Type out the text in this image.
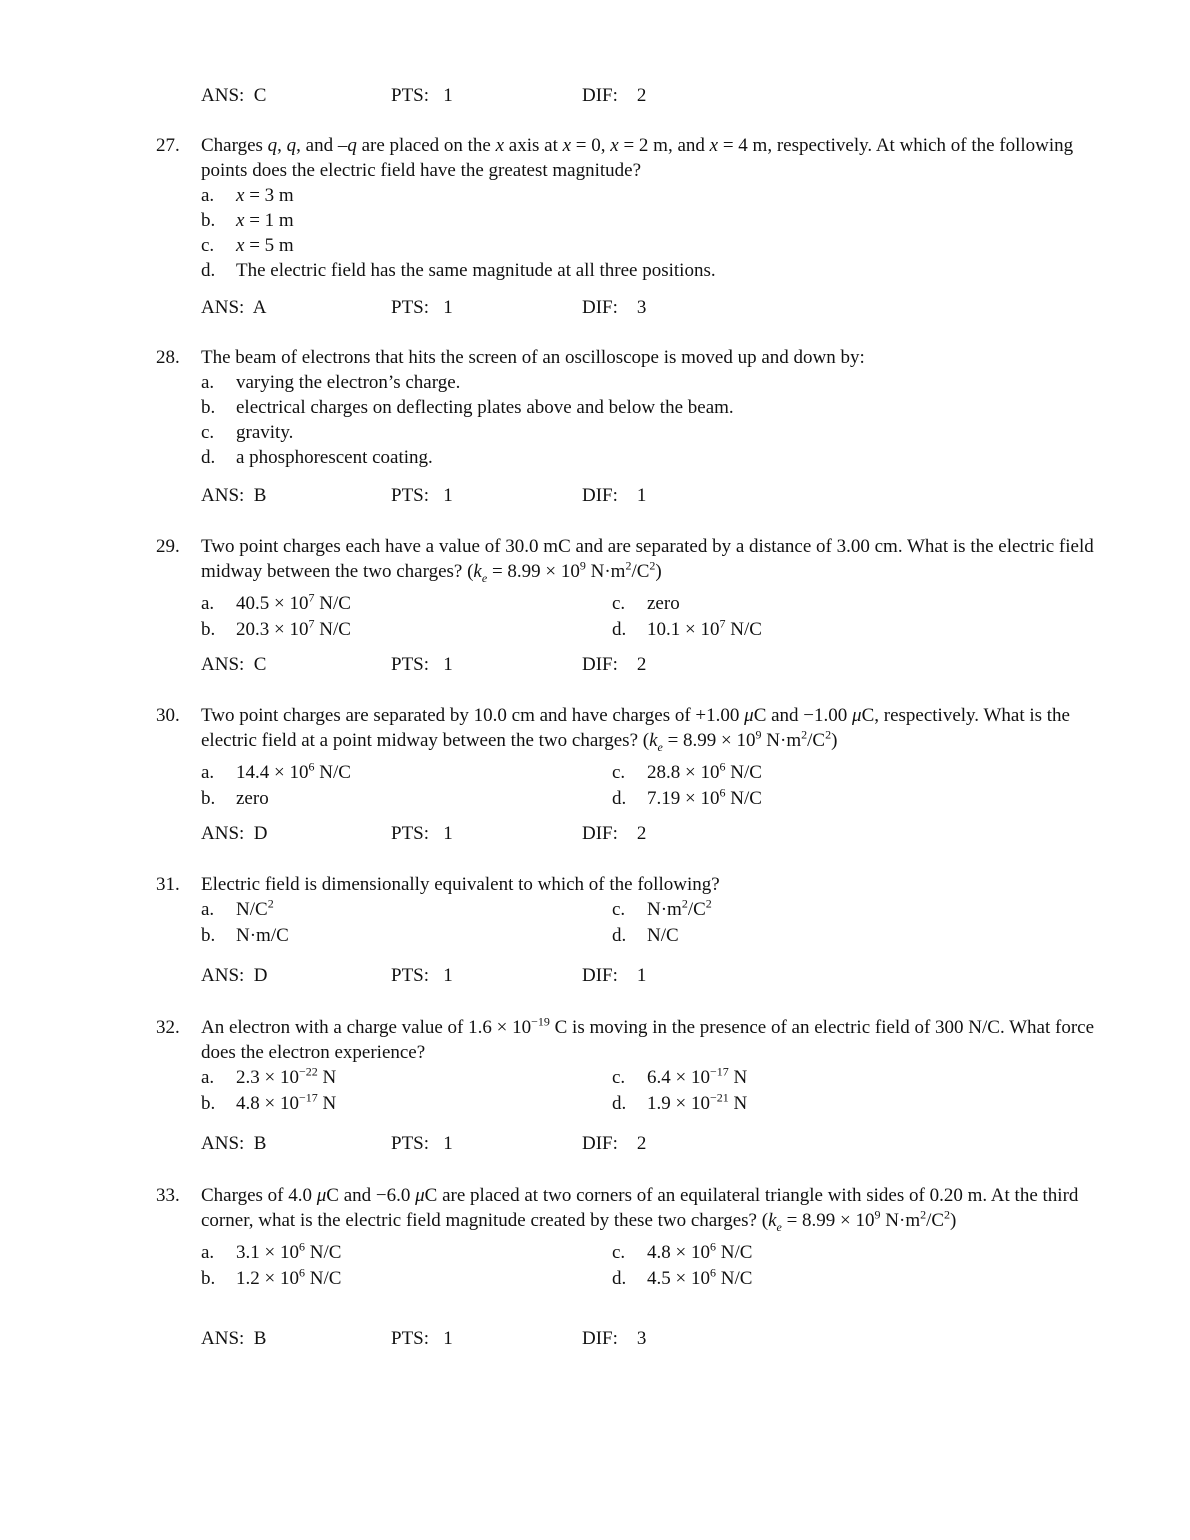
ANS:  C	PTS:   1	DIF:    2
27. Charges q, q, and –q are placed on the x axis at x = 0, x = 2 m, and x = 4 m, respectively. At which of the following points does the electric field have the greatest magnitude?
a. x = 3 m
b. x = 1 m
c. x = 5 m
d. The electric field has the same magnitude at all three positions.
ANS:  A	PTS:   1	DIF:    3
28. The beam of electrons that hits the screen of an oscilloscope is moved up and down by:
a. varying the electron’s charge.
b. electrical charges on deflecting plates above and below the beam.
c. gravity.
d. a phosphorescent coating.
ANS:  B	PTS:   1	DIF:    1
29. Two point charges each have a value of 30.0 mC and are separated by a distance of 3.00 cm. What is the electric field midway between the two charges? ($k_e = 8.99 \times 10^9$ $N\cdot m^2/C^2$)
a. $40.5 \times 10^7$ N/C	c. zero
b. $20.3 \times 10^7$ N/C	d. $10.1 \times 10^7$ N/C
ANS:  C	PTS:   1	DIF:    2
30. Two point charges are separated by 10.0 cm and have charges of +1.00 μC and −1.00 μC, respectively. What is the electric field at a point midway between the two charges? ($k_e = 8.99 \times 10^9$ $N\cdot m^2/C^2$)
a. $14.4 \times 10^6$ N/C	c. $28.8 \times 10^6$ N/C
b. zero	d. $7.19 \times 10^6$ N/C
ANS:  D	PTS:   1	DIF:    2
31. Electric field is dimensionally equivalent to which of the following?
a. $N/C^2$	c. $N\cdot m^2/C^2$
b. N·m/C	d. N/C
ANS:  D	PTS:   1	DIF:    1
32. An electron with a charge value of $1.6 \times 10^{-19}$ C is moving in the presence of an electric field of 300 N/C. What force does the electron experience?
a. $2.3 \times 10^{-22}$ N	c. $6.4 \times 10^{-17}$ N
b. $4.8 \times 10^{-17}$ N	d. $1.9 \times 10^{-21}$ N
ANS:  B	PTS:   1	DIF:    2
33. Charges of 4.0 μC and −6.0 μC are placed at two corners of an equilateral triangle with sides of 0.20 m. At the third corner, what is the electric field magnitude created by these two charges? ($k_e = 8.99 \times 10^9$ $N\cdot m^2/C^2$)
a. $3.1 \times 10^6$ N/C	c. $4.8 \times 10^6$ N/C
b. $1.2 \times 10^6$ N/C	d. $4.5 \times 10^6$ N/C
ANS:  B	PTS:   1	DIF:    3
